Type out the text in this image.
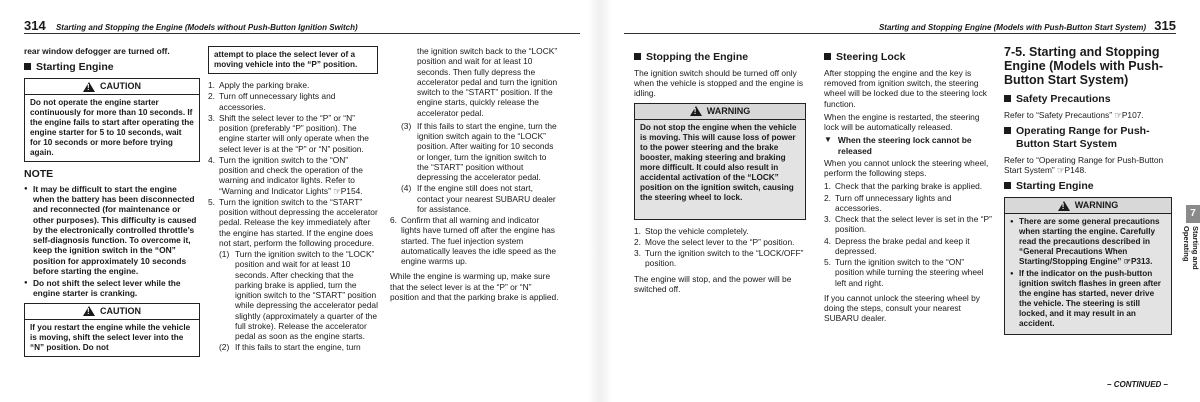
314 Starting and Stopping the Engine (Models without Push-Button Ignition Switch)

rear window defogger are turned off.

Starting Engine
!
CAUTION
Do not operate the engine starter continuously for more than 10 seconds. If the engine fails to start after operating the engine starter for 5 to 10 seconds, wait for 10 seconds or more before trying again.
NOTE
● It may be difficult to start the engine when the battery has been disconnected and reconnected (for maintenance or other purposes). This difficulty is caused by the electronically controlled throttle’s self-diagnosis function. To overcome it, keep the ignition switch in the “ON” position for approximately 10 seconds before starting the engine.
● Do not shift the select lever while the engine starter is cranking.
!
CAUTION
If you restart the engine while the vehicle is moving, shift the select lever into the “N” position. Do not
attempt to place the select lever of a moving vehicle into the “P” position.
1. Apply the parking brake.
2. Turn off unnecessary lights and accessories.
3. Shift the select lever to the “P” or “N” position (preferably “P” position). The engine starter will only operate when the select lever is at the “P” or “N” position.
4. Turn the ignition switch to the “ON” position and check the operation of the warning and indicator lights. Refer to “Warning and Indicator Lights” ☞P154.
5. Turn the ignition switch to the “START” position without depressing the accelerator pedal. Release the key immediately after the engine has started. If the engine does not start, perform the following procedure.
(1) Turn the ignition switch to the “LOCK” position and wait for at least 10 seconds. After checking that the parking brake is applied, turn the ignition switch to the “START” position while depressing the accelerator pedal slightly (approximately a quarter of the full stroke). Release the accelerator pedal as soon as the engine starts.
(2) If this fails to start the engine, turn

the ignition switch back to the “LOCK” position and wait for at least 10 seconds. Then fully depress the accelerator pedal and turn the ignition switch to the “START” position. If the engine starts, quickly release the accelerator pedal.

(3) If this fails to start the engine, turn the ignition switch again to the “LOCK” position. After waiting for 10 seconds or longer, turn the ignition switch to the “START” position without depressing the accelerator pedal.
(4) If the engine still does not start, contact your nearest SUBARU dealer for assistance.
6. Confirm that all warning and indicator lights have turned off after the engine has started. The fuel injection system automatically leaves the idle speed as the engine warms up.

While the engine is warming up, make sure that the select lever is at the “P” or “N” position and that the parking brake is applied.

Starting and Stopping Engine (Models with Push-Button Start System) 315
Stopping the Engine

The ignition switch should be turned off only when the vehicle is stopped and the engine is idling.

!
WARNING
Do not stop the engine when the vehicle is moving. This will cause loss of power to the power steering and the brake booster, making steering and braking more difficult. It could also result in accidental activation of the “LOCK” position on the ignition switch, causing the steering wheel to lock.
1. Stop the vehicle completely.
2. Move the select lever to the “P” position.
3. Turn the ignition switch to the “LOCK/OFF” position.

The engine will stop, and the power will be switched off.

Steering Lock

After stopping the engine and the key is removed from ignition switch, the steering wheel will be locked due to the steering lock function.

When the engine is restarted, the steering lock will be automatically released.

▼ When the steering lock cannot be released

When you cannot unlock the steering wheel, perform the following steps.

1. Check that the parking brake is applied.
2. Turn off unnecessary lights and accessories.
3. Check that the select lever is set in the “P” position.
4. Depress the brake pedal and keep it depressed.
5. Turn the ignition switch to the “ON” position while turning the steering wheel left and right.

If you cannot unlock the steering wheel by doing the steps, consult your nearest SUBARU dealer.

7-5. Starting and Stopping Engine (Models with Push-Button Start System)
Safety Precautions

Refer to “Safety Precautions” ☞P107.

Operating Range for Push-Button Start System

Refer to “Operating Range for Push-Button Start System” ☞P148.

Starting Engine
!
WARNING
● There are some general precautions when starting the engine. Carefully read the precautions described in “General Precautions When Starting/Stopping Engine” ☞P313.
● If the indicator on the push-button ignition switch flashes in green after the engine has started, never drive the vehicle. The steering is still locked, and it may result in an accident.
7
Starting and Operating
– CONTINUED –
